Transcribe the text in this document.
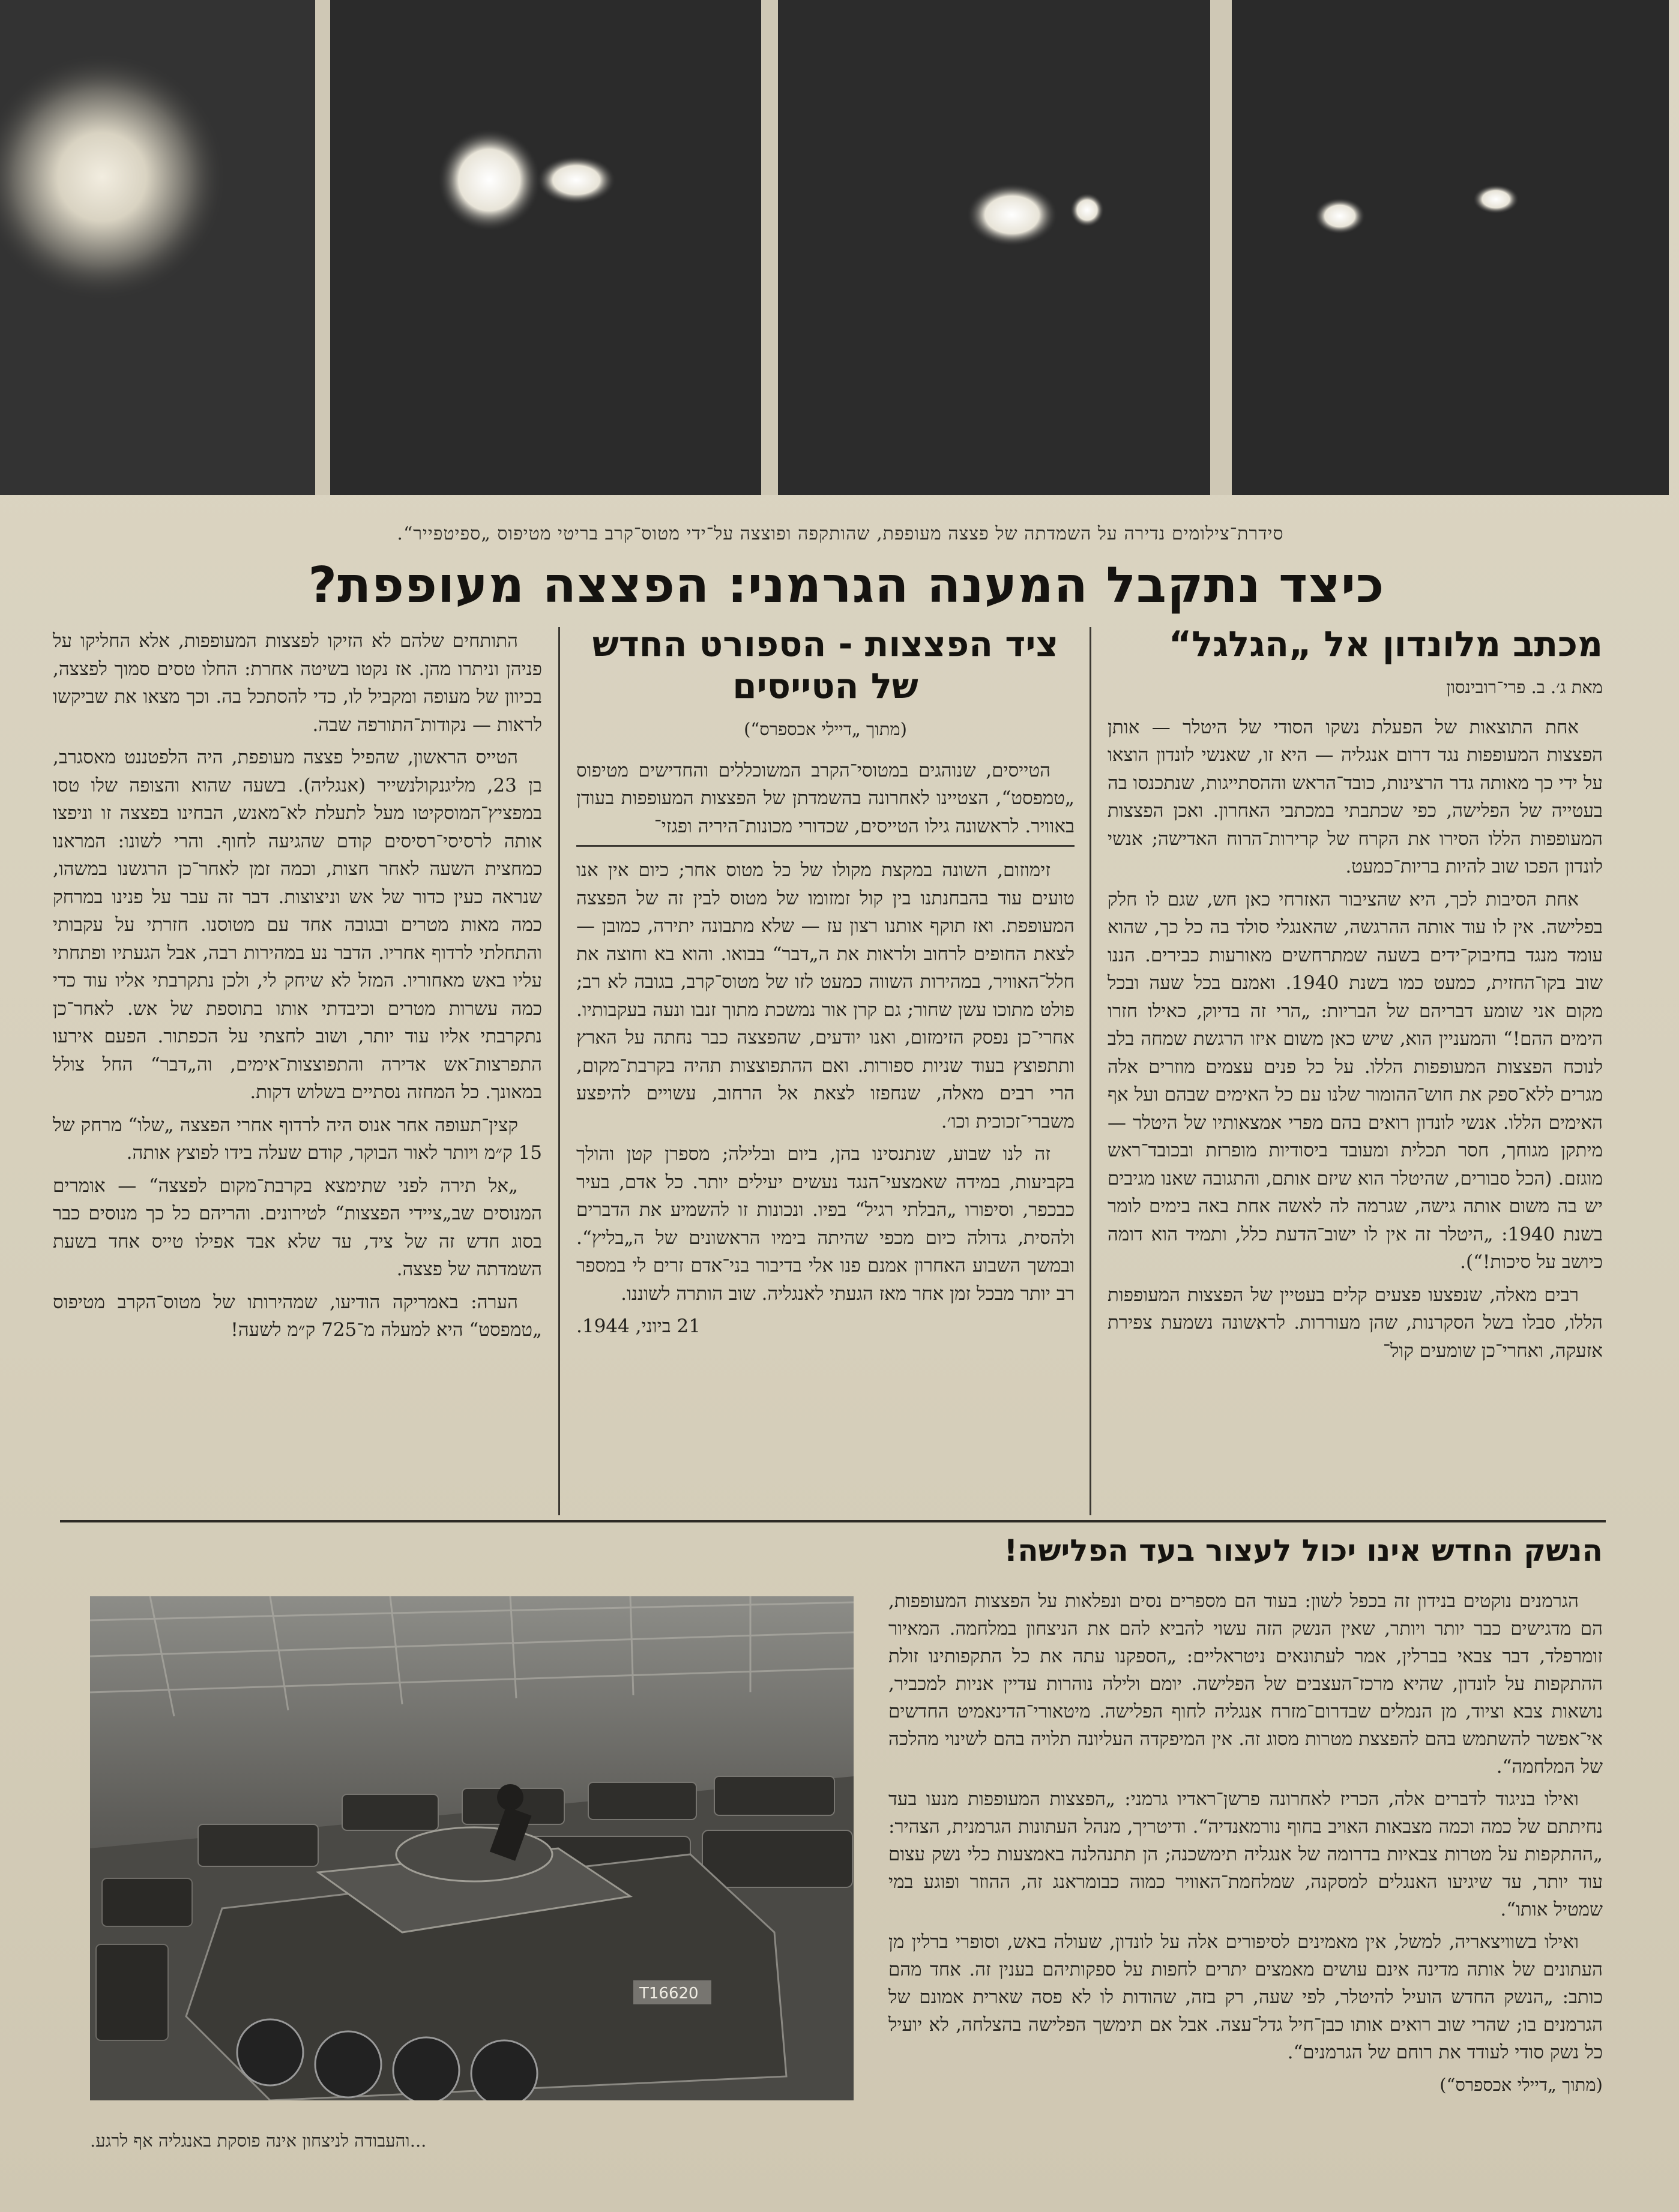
סידרת־צילומים נדירה על השמדתה של פצצה מעופפת, שהותקפה ופוצצה על־ידי מטוס־קרב בריטי מטיפוס „ספיטפייר“.
כיצד נתקבל המענה הגרמני: הפצצה מעופפת?
מכתב מלונדון אל „הגלגל“
מאת ג׳. ב. פרי־רובינסון

אחת התוצאות של הפעלת נשקו הסודי של היטלר — אותן הפצצות המעופפות נגד דרום אנגליה — היא זו, שאנשי לונדון הוצאו על ידי כך מאותה גדר הרצינות, כובד־הראש וההסתייגות, שנתכנסו בה בעטייה של הפלישה, כפי שכתבתי במכתבי האחרון. ואכן הפצצות המעופפות הללו הסירו את הקרח של קרירות־הרוח האדישה; אנשי לונדון הפכו שוב להיות בריות־כמעט.

אחת הסיבות לכך, היא שהציבור האזרחי כאן חש, שגם לו חלק בפלישה. אין לו עוד אותה ההרגשה, שהאנגלי סולד בה כל כך, שהוא עומד מנגד בחיבוק־ידים בשעה שמתרחשים מאורעות כבירים. הננו שוב בקו־החזית, כמעט כמו בשנת 1940. ואמנם בכל שעה ובכל מקום אני שומע דבריהם של הבריות: „הרי זה בדיוק, כאילו חזרו הימים ההם!“ והמעניין הוא, שיש כאן משום איזו הרגשת שמחה בלב לנוכח הפצצות המעופפות הללו. על כל פנים עצמים מוזרים אלה מגרים ללא־ספק את חוש־ההומור שלנו עם כל האימים שבהם ועל אף האימים הללו. אנשי לונדון רואים בהם מפרי אמצאותיו של היטלר — מיתקן מגוחך, חסר תכלית ומעובד ביסודיות מופרזת ובכובד־ראש מוגזם. (הכל סבורים, שהיטלר הוא שיזם אותם, והתגובה שאנו מגיבים יש בה משום אותה גישה, שגרמה לה לאשה אחת באה בימים לומר בשנת 1940: „היטלר זה אין לו ישוב־הדעת כלל, ותמיד הוא דומה כיושב על סיכות!“).

רבים מאלה, שנפצעו פצעים קלים בעטיין של הפצצות המעופפות הללו, סבלו בשל הסקרנות, שהן מעוררות. לראשונה נשמעת צפירת אזעקה, ואחרי־כן שומעים קול־

ציד הפצצות - הספורט החדש של הטייסים
(מתוך „דיילי אכספרס“)

הטייסים, שנוהגים במטוסי־הקרב המשוכללים והחדישים מטיפוס „טמפסט“, הצטיינו לאחרונה בהשמדתן של הפצצות המעופפות בעודן באוויר. לראשונה גילו הטייסים, שכדורי מכונות־היריה ופגזי־

זימוזום, השונה במקצת מקולו של כל מטוס אחר; כיום אין אנו טועים עוד בהבחנתנו בין קול זמזומו של מטוס לבין זה של הפצצה המעופפת. ואז תוקף אותנו רצון עז — שלא מתבונה יתירה, כמובן — לצאת החופים לרחוב ולראות את ה„דבר“ בבואו. והוא בא וחוצה את חלל־האוויר, במהירות השווה כמעט לזו של מטוס־קרב, בגובה לא רב; פולט מתוכו עשן שחור; גם קרן אור נמשכת מתוך זנבו ונעה בעקבותיו. אחרי־כן נפסק הזימזום, ואנו יודעים, שהפצצה כבר נחתה על הארץ ותתפוצץ בעוד שניות ספורות. ואם ההתפוצצות תהיה בקרבת־מקום, הרי רבים מאלה, שנחפזו לצאת אל הרחוב, עשויים להיפצע משברי־זכוכית וכו׳.

זה לנו שבוע, שנתנסינו בהן, ביום ובלילה; מספרן קטן והולך בקביעות, במידה שאמצעי־הנגד נעשים יעילים יותר. כל אדם, בעיר כבכפר, וסיפורו „הבלתי רגיל“ בפיו. ונכונות זו להשמיע את הדברים ולהסית, גדולה כיום מכפי שהיתה בימיו הראשונים של ה„בליץ“. ובמשך השבוע האחרון אמנם פנו אלי בדיבור בני־אדם זרים לי במספר רב יותר מבכל זמן אחר מאז הגעתי לאנגליה. שוב הותרה לשוננו.

21 ביוני, 1944.

התותחים שלהם לא הזיקו לפצצות המעופפות, אלא החליקו על פניהן וניתרו מהן. אז נקטו בשיטה אחרת: החלו טסים סמוך לפצצה, בכיוון של מעופה ומקביל לו, כדי להסתכל בה. וכך מצאו את שביקשו לראות — נקודות־התורפה שבה.

הטייס הראשון, שהפיל פצצה מעופפת, היה הלפטננט מאסגרב, בן 23, מליגנקולנשייר (אנגליה). בשעה שהוא והצופה שלו טסו במפציץ־המוסקיטו מעל לתעלת לא־מאנש, הבחינו בפצצה זו וניפצו אותה לרסיסי־רסיסים קודם שהגיעה לחוף. והרי לשונו: המראנו כמחצית השעה לאחר חצות, וכמה זמן לאחר־כן הרגשנו במשהו, שנראה כעין כדור של אש וניצוצות. דבר זה עבר על פנינו במרחק כמה מאות מטרים ובגובה אחד עם מטוסנו. חזרתי על עקבותי והתחלתי לרדוף אחריו. הדבר נע במהירות רבה, אבל הגעתיו ופתחתי עליו באש מאחוריו. המזל לא שיחק לי, ולכן נתקרבתי אליו עוד כדי כמה עשרות מטרים וכיבדתי אותו בתוספת של אש. לאחר־כן נתקרבתי אליו עוד יותר, ושוב לחצתי על הכפתור. הפעם אירעו התפרצות־אש אדירה והתפוצצות־אימים, וה„דבר“ החל צולל במאונך. כל המחזה נסתיים בשלוש דקות.

קצין־תעופה אחר אנוס היה לרדוף אחרי הפצצה „שלו“ מרחק של 15 ק״מ ויותר לאור הבוקר, קודם שעלה בידו לפוצץ אותה.

„אל תירה לפני שתימצא בקרבת־מקום לפצצה“ — אומרים המנוסים שב„ציידי הפצצות“ לטירונים. והריהם כל כך מנוסים כבר בסוג חדש זה של ציד, עד שלא אבד אפילו טייס אחד בשעת השמדתה של פצצה.

הערה: באמריקה הודיעו, שמהירותו של מטוס־הקרב מטיפוס „טמפסט“ היא למעלה מ־725 ק״מ לשעה!

הנשק החדש אינו יכול לעצור בעד הפלישה!

הגרמנים נוקטים בנידון זה בכפל לשון: בעוד הם מספרים נסים ונפלאות על הפצצות המעופפות, הם מדגישים כבר יותר ויותר, שאין הנשק הזה עשוי להביא להם את הניצחון במלחמה. המאיור זומרפלד, דבר צבאי בברלין, אמר לעתונאים ניטראליים: „הספקנו עתה את כל התקפותינו זולת ההתקפות על לונדון, שהיא מרכז־העצבים של הפלישה. יומם ולילה נוהרות עדיין אניות למכביר, נושאות צבא וציוד, מן הנמלים שבדרום־מזרח אנגליה לחוף הפלישה. מיטאורי־הדינאמיט החדשים אי־אפשר להשתמש בהם להפצצת מטרות מסוג זה. אין המיפקדה העליונה תלויה בהם לשינוי מהלכה של המלחמה“.

ואילו בניגוד לדברים אלה, הכריז לאחרונה פרשן־ראדיו גרמני: „הפצצות המעופפות מנעו בעד נחיתתם של כמה וכמה מצבאות האויב בחוף נורמאנדיה“. ודיטריך, מנהל העתונות הגרמנית, הצהיר: „ההתקפות על מטרות צבאיות בדרומה של אנגליה תימשכנה; הן תתנהלנה באמצעות כלי נשק עצום עוד יותר, עד שיגיעו האנגלים למסקנה, שמלחמת־האוויר כמוה כבומראנג זה, ההוזר ופוגע במי שמטיל אותו“.

ואילו בשוויצאריה, למשל, אין מאמינים לסיפורים אלה על לונדון, שעולה באש, וסופרי ברלין מן העתונים של אותה מדינה אינם עושים מאמצים יתרים לחפות על ספקותיהם בענין זה. אחד מהם כותב: „הנשק החדש הועיל להיטלר, לפי שעה, רק בזה, שהודות לו לא פסה שארית אמונם של הגרמנים בו; שהרי שוב רואים אותו כבן־חיל גדל־עצה. אבל אם תימשך הפלישה בהצלחה, לא יועיל כל נשק סודי לעודד את רוחם של הגרמנים“.

(מתוך „דיילי אכספרס“)
T16620
...והעבודה לניצחון אינה פוסקת באנגליה אף לרגע.
